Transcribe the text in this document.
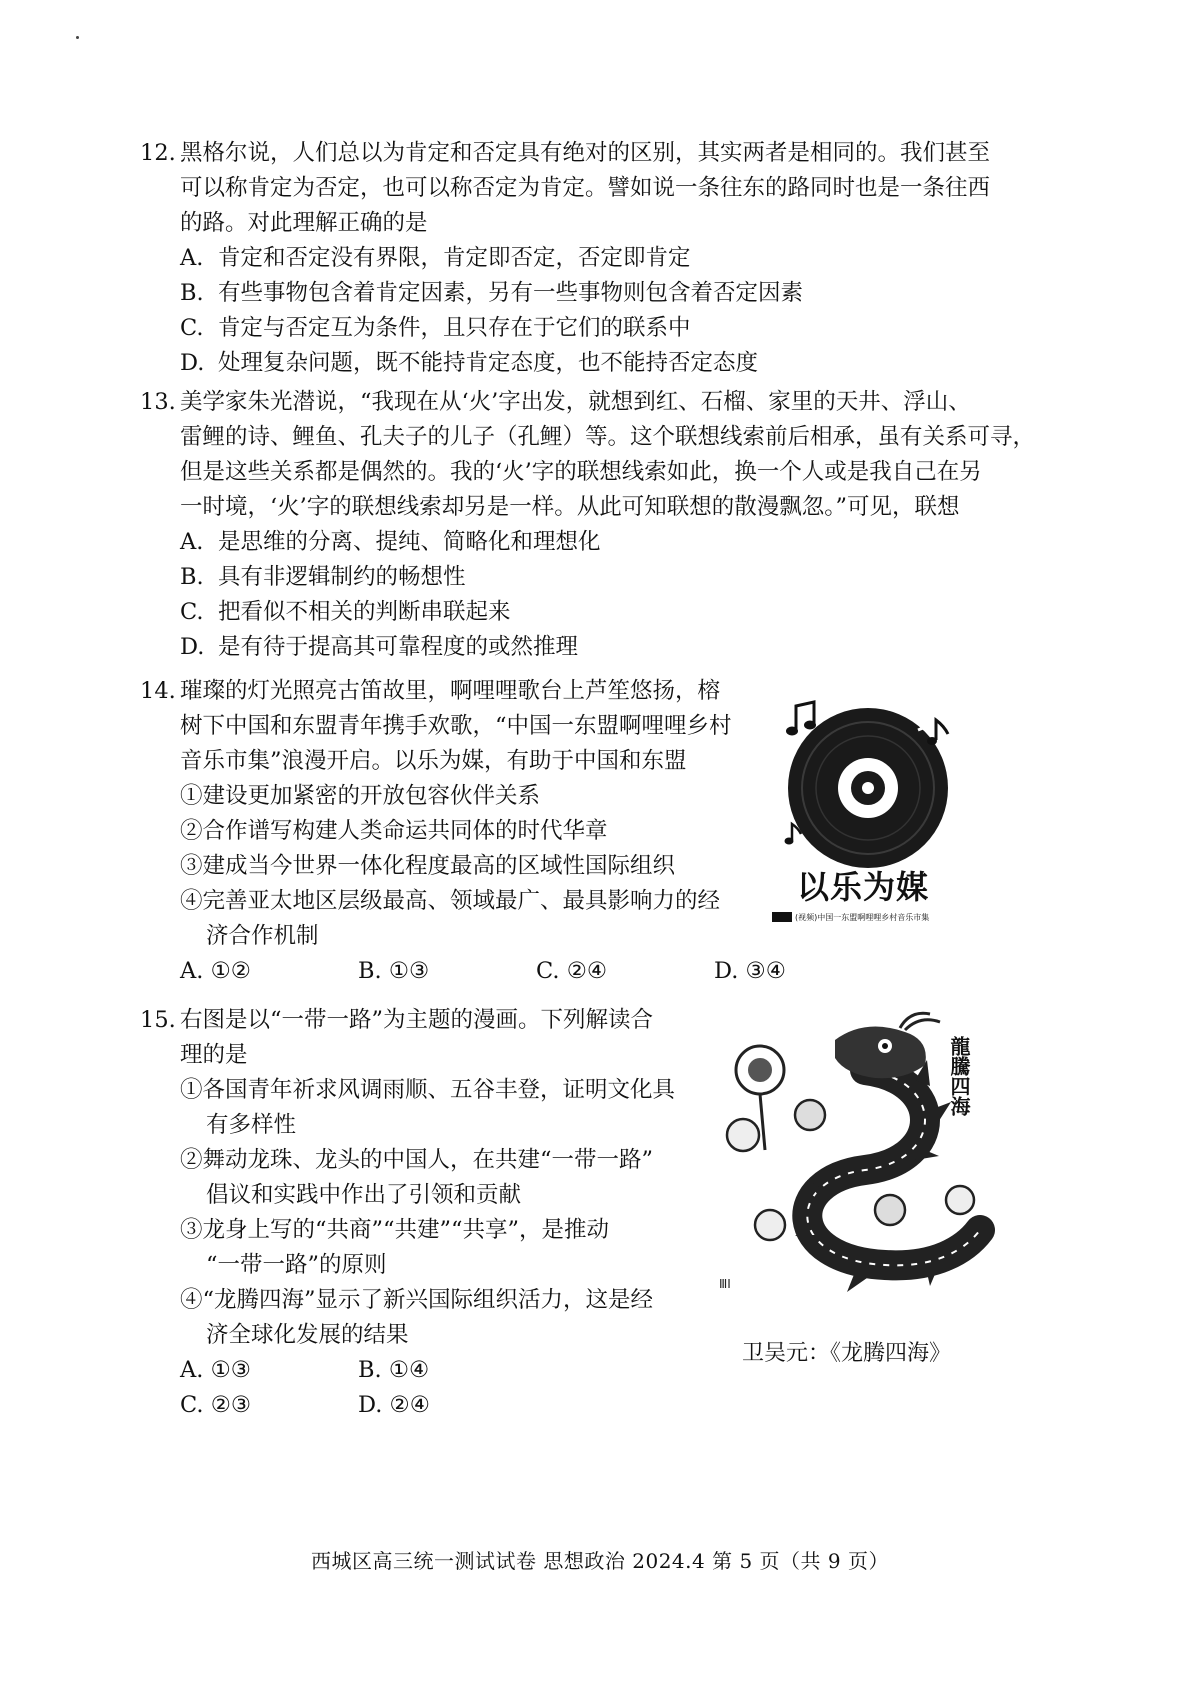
12. 黑格尔说，人们总以为肯定和否定具有绝对的区别，其实两者是相同的。我们甚至
可以称肯定为否定，也可以称否定为肯定。譬如说一条往东的路同时也是一条往西
的路。对此理解正确的是
A. 肯定和否定没有界限，肯定即否定，否定即肯定
B. 有些事物包含着肯定因素，另有一些事物则包含着否定因素
C. 肯定与否定互为条件，且只存在于它们的联系中
D. 处理复杂问题，既不能持肯定态度，也不能持否定态度
13. 美学家朱光潜说，“我现在从‘火’字出发，就想到红、石榴、家里的天井、浮山、
雷鲤的诗、鲤鱼、孔夫子的儿子（孔鲤）等。这个联想线索前后相承，虽有关系可寻，
但是这些关系都是偶然的。我的‘火’字的联想线索如此，换一个人或是我自己在另
一时境，‘火’字的联想线索却另是一样。从此可知联想的散漫飘忽。”可见，联想
A. 是思维的分离、提纯、简略化和理想化
B. 具有非逻辑制约的畅想性
C. 把看似不相关的判断串联起来
D. 是有待于提高其可靠程度的或然推理
14. 璀璨的灯光照亮古笛故里，啊哩哩歌台上芦笙悠扬，榕
树下中国和东盟青年携手欢歌，“中国一东盟啊哩哩乡村
音乐市集”浪漫开启。以乐为媒，有助于中国和东盟
①建设更加紧密的开放包容伙伴关系
②合作谱写构建人类命运共同体的时代华章
③建成当今世界一体化程度最高的区域性国际组织
④完善亚太地区层级最高、领域最广、最具影响力的经
济合作机制
A. ①②	B. ①③	C. ②④	D. ③④
以乐为媒
(视频)中国一东盟啊哩哩乡村音乐市集
15. 右图是以“一带一路”为主题的漫画。下列解读合
理的是
①各国青年祈求风调雨顺、五谷丰登，证明文化具
有多样性
②舞动龙珠、龙头的中国人，在共建“一带一路”
倡议和实践中作出了引领和贡献
③龙身上写的“共商”“共建”“共享”，是推动
“一带一路”的原则
④“龙腾四海”显示了新兴国际组织活力，这是经
济全球化发展的结果
A. ①③	B. ①④
C. ②③	D. ②④
ⅢI
龍騰四海
卫吴元：《龙腾四海》
西城区高三统一测试试卷 思想政治 2024.4 第 5 页（共 9 页）
